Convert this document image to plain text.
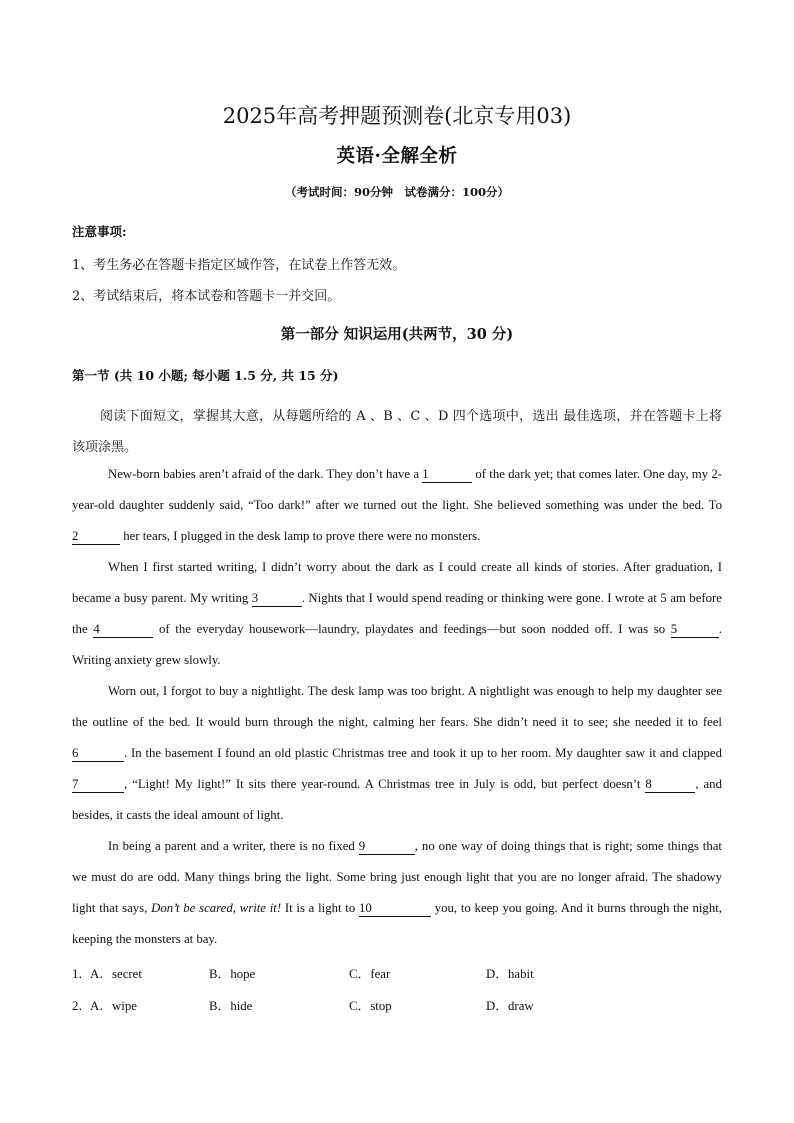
2025年高考押题预测卷(北京专用03)
英语·全解全析
（考试时间：90分钟　试卷满分：100分）
注意事项:
1、考生务必在答题卡指定区域作答，在试卷上作答无效。
2、考试结束后，将本试卷和答题卡一并交回。
第一部分 知识运用(共两节，30 分)
第一节 (共 10 小题; 每小题 1.5 分, 共 15 分)
阅读下面短文，掌握其大意，从每题所给的 A 、B 、C 、D 四个选项中，选出 最佳选项，并在答题卡上将该项涂黑。

New-born babies aren’t afraid of the dark. They don’t have a 1	of the dark yet; that comes later. One day, my 2-year-old daughter suddenly said, “Too dark!” after we turned out the light. She believed something was under the bed. To 2	her tears, I plugged in the desk lamp to prove there were no monsters.

When I first started writing, I didn’t worry about the dark as I could create all kinds of stories. After graduation, I became a busy parent. My writing 3	. Nights that I would spend reading or thinking were gone. I wrote at 5 am before the 4	of the everyday housework—laundry, playdates and feedings—but soon nodded off. I was so 5	. Writing anxiety grew slowly.

Worn out, I forgot to buy a nightlight. The desk lamp was too bright. A nightlight was enough to help my daughter see the outline of the bed. It would burn through the night, calming her fears. She didn’t need it to see; she needed it to feel 6	. In the basement I found an old plastic Christmas tree and took it up to her room. My daughter saw it and clapped 7	, “Light! My light!” It sits there year-round. A Christmas tree in July is odd, but perfect doesn’t 8	, and besides, it casts the ideal amount of light.

In being a parent and a writer, there is no fixed 9	, no one way of doing things that is right; some things that we must do are odd. Many things bring the light. Some bring just enough light that you are no longer afraid. The shadowy light that says, Don’t be scared, write it! It is a light to 10	you, to keep you going. And it burns through the night, keeping the monsters at bay.

1．
A．secret	B．hope	C．fear	D．habit
2．
A．wipe	B．hide	C．stop	D．draw
